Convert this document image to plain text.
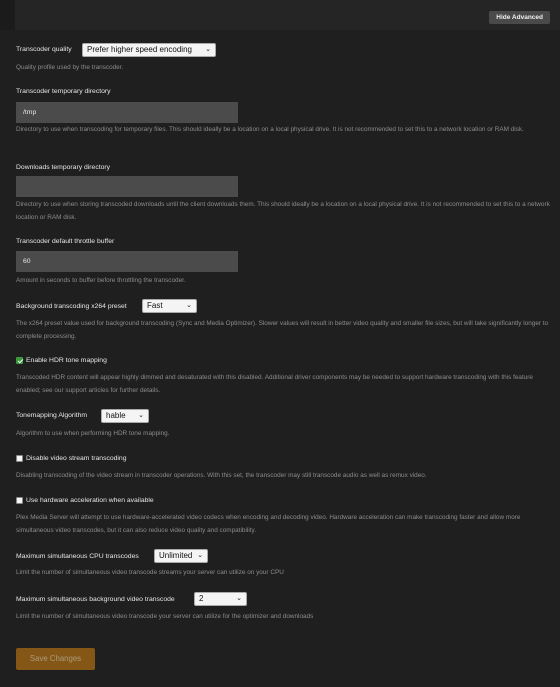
Hide Advanced
Transcoder quality Prefer higher speed encoding ⌄
Quality profile used by the transcoder.
Transcoder temporary directory
/tmp
Directory to use when transcoding for temporary files. This should ideally be a location on a local physical drive. It is not recommended to set this to a network location or RAM disk.
Downloads temporary directory
Directory to use when storing transcoded downloads until the client downloads them. This should ideally be a location on a local physical drive. It is not recommended to set this to a network location or RAM disk.
Transcoder default throttle buffer
60
Amount in seconds to buffer before throttling the transcoder.
Background transcoding x264 preset	Fast	⌄
The x264 preset value used for background transcoding (Sync and Media Optimizer). Slower values will result in better video quality and smaller file sizes, but will take significantly longer to complete processing.
Enable HDR tone mapping
Transcoded HDR content will appear highly dimmed and desaturated with this disabled. Additional driver components may be needed to support hardware transcoding with this feature enabled; see our support articles for further details.
Tonemapping Algorithm hable ⌄
Algorithm to use when performing HDR tone mapping.
Disable video stream transcoding
Disabling transcoding of the video stream in transcoder operations. With this set, the transcoder may still transcode audio as well as remux video.
Use hardware acceleration when available
Plex Media Server will attempt to use hardware-accelerated video codecs when encoding and decoding video. Hardware acceleration can make transcoding faster and allow more simultaneous video transcodes, but it can also reduce video quality and compatibility.
Maximum simultaneous CPU transcodes	Unlimited ⌄
Limit the number of simultaneous video transcode streams your server can utilize on your CPU
Maximum simultaneous background video transcode	2	⌄
Limit the number of simultaneous video transcode your server can utilize for the optimizer and downloads
Save Changes
